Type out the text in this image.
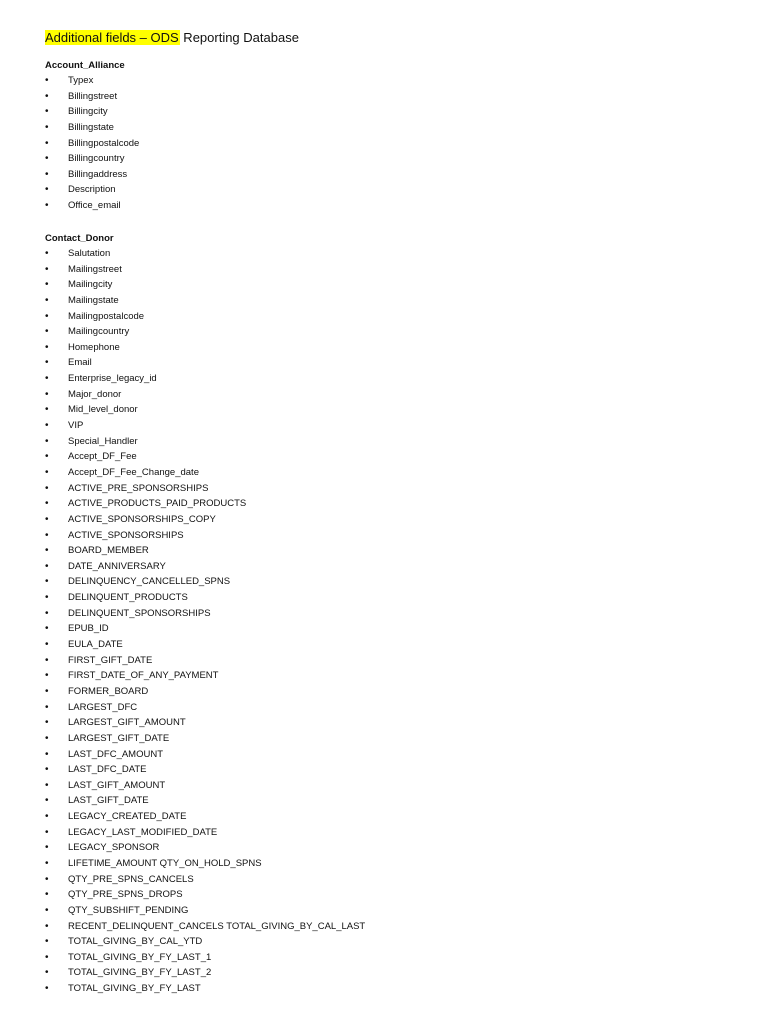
Additional fields – ODS Reporting Database
Account_Alliance
• Typex
• Billingstreet
• Billingcity
• Billingstate
• Billingpostalcode
• Billingcountry
• Billingaddress
• Description
• Office_email
Contact_Donor
• Salutation
• Mailingstreet
• Mailingcity
• Mailingstate
• Mailingpostalcode
• Mailingcountry
• Homephone
• Email
• Enterprise_legacy_id
• Major_donor
• Mid_level_donor
• VIP
• Special_Handler
• Accept_DF_Fee
• Accept_DF_Fee_Change_date
• ACTIVE_PRE_SPONSORSHIPS
• ACTIVE_PRODUCTS_PAID_PRODUCTS
• ACTIVE_SPONSORSHIPS_COPY
• ACTIVE_SPONSORSHIPS
• BOARD_MEMBER
• DATE_ANNIVERSARY
• DELINQUENCY_CANCELLED_SPNS
• DELINQUENT_PRODUCTS
• DELINQUENT_SPONSORSHIPS
• EPUB_ID
• EULA_DATE
• FIRST_GIFT_DATE
• FIRST_DATE_OF_ANY_PAYMENT
• FORMER_BOARD
• LARGEST_DFC
• LARGEST_GIFT_AMOUNT
• LARGEST_GIFT_DATE
• LAST_DFC_AMOUNT
• LAST_DFC_DATE
• LAST_GIFT_AMOUNT
• LAST_GIFT_DATE
• LEGACY_CREATED_DATE
• LEGACY_LAST_MODIFIED_DATE
• LEGACY_SPONSOR
• LIFETIME_AMOUNT QTY_ON_HOLD_SPNS
• QTY_PRE_SPNS_CANCELS
• QTY_PRE_SPNS_DROPS
• QTY_SUBSHIFT_PENDING
• RECENT_DELINQUENT_CANCELS TOTAL_GIVING_BY_CAL_LAST
• TOTAL_GIVING_BY_CAL_YTD
• TOTAL_GIVING_BY_FY_LAST_1
• TOTAL_GIVING_BY_FY_LAST_2
• TOTAL_GIVING_BY_FY_LAST
